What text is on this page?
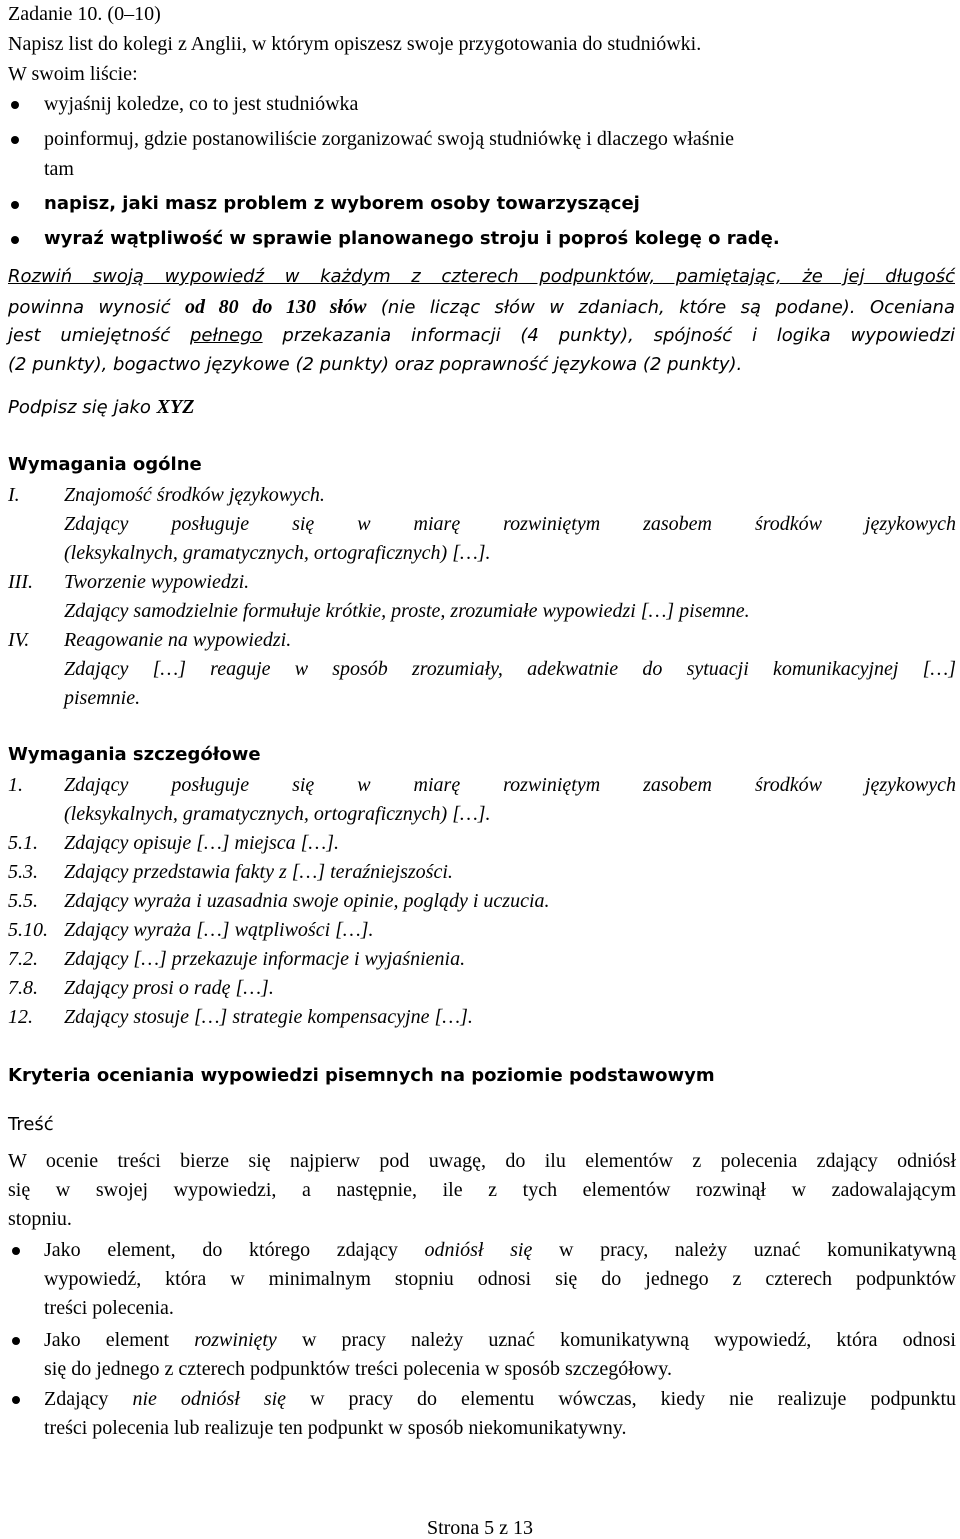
Zadanie 10. (0–10)
Napisz list do kolegi z Anglii, w którym opiszesz swoje przygotowania do studniówki.
W swoim liście:
wyjaśnij koledze, co to jest studniówka
poinformuj, gdzie postanowiliście zorganizować swoją studniówkę i dlaczego właśnie
tam
napisz, jaki masz problem z wyborem osoby towarzyszącej
wyraź wątpliwość w sprawie planowanego stroju i poproś kolegę o radę.
Rozwiń swoją wypowiedź w każdym z czterech podpunktów, pamiętając, że jej długość
powinna wynosić od 80 do 130 słów (nie licząc słów w zdaniach, które są podane). Oceniana
jest umiejętność pełnego przekazania informacji (4 punkty), spójność i logika wypowiedzi
(2 punkty), bogactwo językowe (2 punkty) oraz poprawność językowa (2 punkty).
Podpisz się jako XYZ
Wymagania ogólne
I. Znajomość środków językowych.
Zdający posługuje się w miarę rozwiniętym zasobem środków językowych
(leksykalnych, gramatycznych, ortograficznych) […].
III. Tworzenie wypowiedzi.
Zdający samodzielnie formułuje krótkie, proste, zrozumiałe wypowiedzi […] pisemne.
IV. Reagowanie na wypowiedzi.
Zdający […] reaguje w sposób zrozumiały, adekwatnie do sytuacji komunikacyjnej […]
pisemnie.
Wymagania szczegółowe
1. Zdający posługuje się w miarę rozwiniętym zasobem środków językowych
(leksykalnych, gramatycznych, ortograficznych) […].
5.1. Zdający opisuje […] miejsca […].
5.3. Zdający przedstawia fakty z […] teraźniejszości.
5.5. Zdający wyraża i uzasadnia swoje opinie, poglądy i uczucia.
5.10. Zdający wyraża […] wątpliwości […].
7.2. Zdający […] przekazuje informacje i wyjaśnienia.
7.8. Zdający prosi o radę […].
12. Zdający stosuje […] strategie kompensacyjne […].
Kryteria oceniania wypowiedzi pisemnych na poziomie podstawowym
Treść
W ocenie treści bierze się najpierw pod uwagę, do ilu elementów z polecenia zdający odniósł
się w swojej wypowiedzi, a następnie, ile z tych elementów rozwinął w zadowalającym
stopniu.
Jako element, do którego zdający odniósł się w pracy, należy uznać komunikatywną
wypowiedź, która w minimalnym stopniu odnosi się do jednego z czterech podpunktów
treści polecenia.
Jako element rozwinięty w pracy należy uznać komunikatywną wypowiedź, która odnosi
się do jednego z czterech podpunktów treści polecenia w sposób szczegółowy.
Zdający nie odniósł się w pracy do elementu wówczas, kiedy nie realizuje podpunktu
treści polecenia lub realizuje ten podpunkt w sposób niekomunikatywny.
Strona 5 z 13
